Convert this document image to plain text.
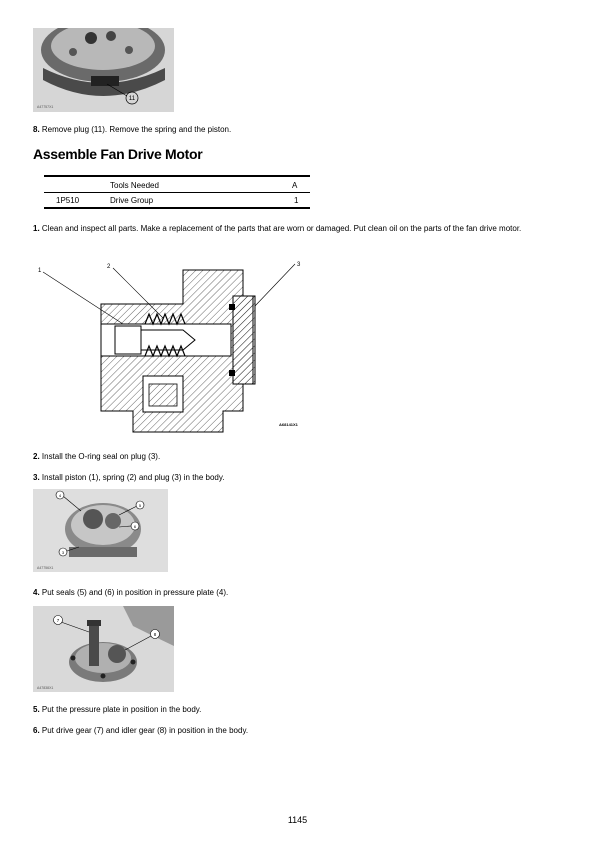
11
A47757X1

8. Remove plug (11). Remove the spring and the piston.

Assemble Fan Drive Motor
Tools Needed	A
1P510	Drive Group	1

1. Clean and inspect all parts. Make a replacement of the parts that are worn or damaged. Put clean oil on the parts of the fan drive motor.

1
2	3
A68141X1

2. Install the O-ring seal on plug (3).

3. Install piston (1), spring (2) and plug (3) in the body.

4
5
6
3
A47756X1

4. Put seals (5) and (6) in position in pressure plate (4).

7
8
A47838X1

5. Put the pressure plate in position in the body.

6. Put drive gear (7) and idler gear (8) in position in the body.

1145
